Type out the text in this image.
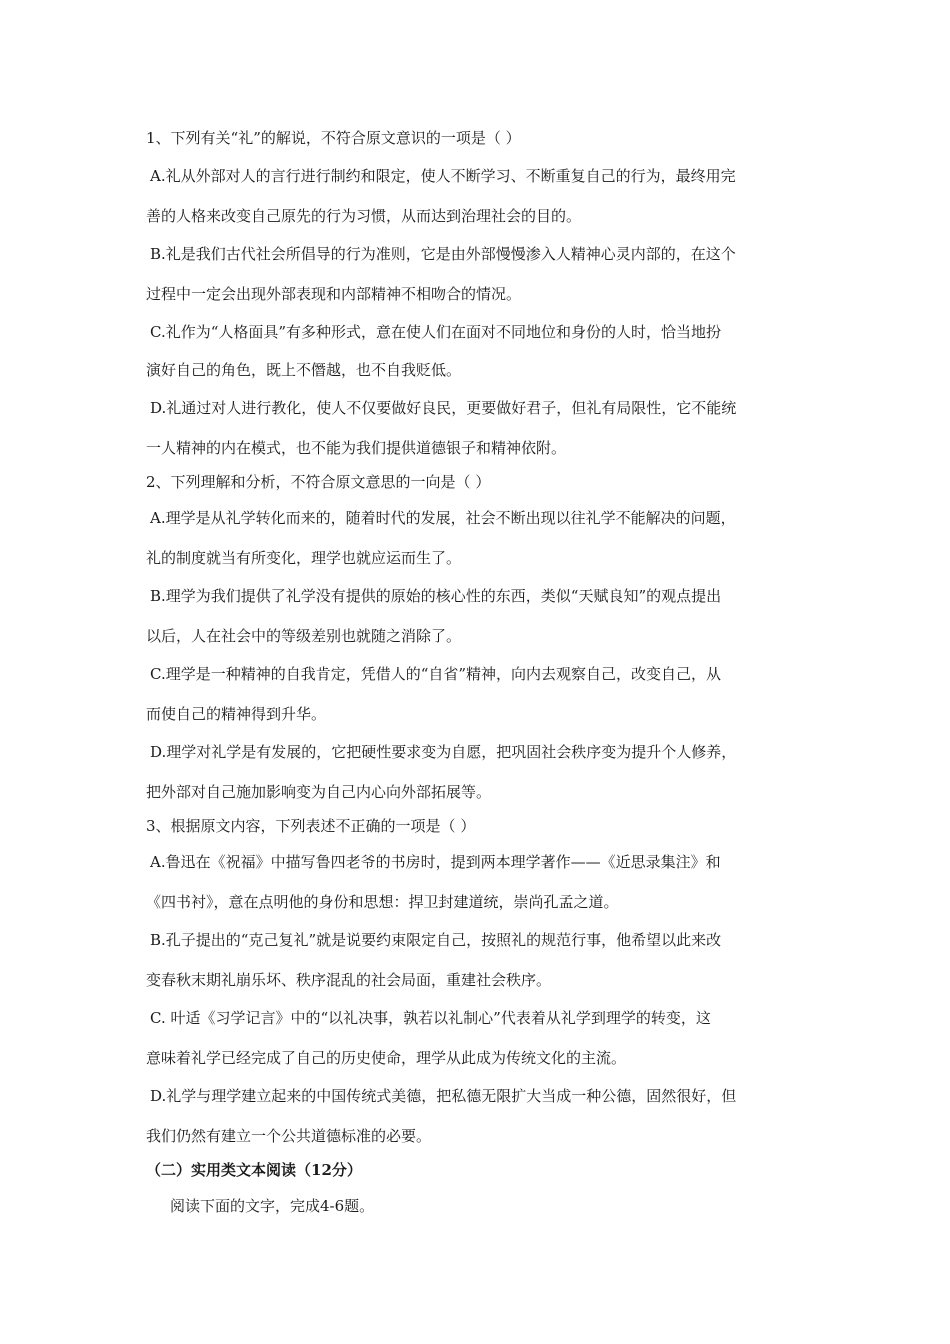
1、下列有关“礼”的解说，不符合原文意识的一项是（ ）
A.礼从外部对人的言行进行制约和限定，使人不断学习、不断重复自己的行为，最终用完
善的人格来改变自己原先的行为习惯，从而达到治理社会的目的。
B.礼是我们古代社会所倡导的行为准则，它是由外部慢慢渗入人精神心灵内部的，在这个
过程中一定会出现外部表现和内部精神不相吻合的情况。
C.礼作为“人格面具”有多种形式，意在使人们在面对不同地位和身份的人时，恰当地扮
演好自己的角色，既上不僭越，也不自我贬低。
D.礼通过对人进行教化，使人不仅要做好良民，更要做好君子，但礼有局限性，它不能统
一人精神的内在模式，也不能为我们提供道德银子和精神依附。
2、下列理解和分析，不符合原文意思的一向是（ ）
A.理学是从礼学转化而来的，随着时代的发展，社会不断出现以往礼学不能解决的问题，
礼的制度就当有所变化，理学也就应运而生了。
B.理学为我们提供了礼学没有提供的原始的核心性的东西，类似“天赋良知”的观点提出
以后，人在社会中的等级差别也就随之消除了。
C.理学是一种精神的自我肯定，凭借人的“自省”精神，向内去观察自己，改变自己，从
而使自己的精神得到升华。
D.理学对礼学是有发展的，它把硬性要求变为自愿，把巩固社会秩序变为提升个人修养，
把外部对自己施加影响变为自己内心向外部拓展等。
3、根据原文内容，下列表述不正确的一项是（ ）
A.鲁迅在《祝福》中描写鲁四老爷的书房时，提到两本理学著作——《近思录集注》和
《四书衬》，意在点明他的身份和思想：捍卫封建道统，崇尚孔孟之道。
B.孔子提出的“克己复礼”就是说要约束限定自己，按照礼的规范行事，他希望以此来改
变春秋末期礼崩乐坏、秩序混乱的社会局面，重建社会秩序。
C. 叶适《习学记言》中的“以礼决事，孰若以礼制心”代表着从礼学到理学的转变，这
意味着礼学已经完成了自己的历史使命，理学从此成为传统文化的主流。
D.礼学与理学建立起来的中国传统式美德，把私德无限扩大当成一种公德，固然很好，但
我们仍然有建立一个公共道德标准的必要。
（二）实用类文本阅读（12分）
阅读下面的文字，完成4-6题。
